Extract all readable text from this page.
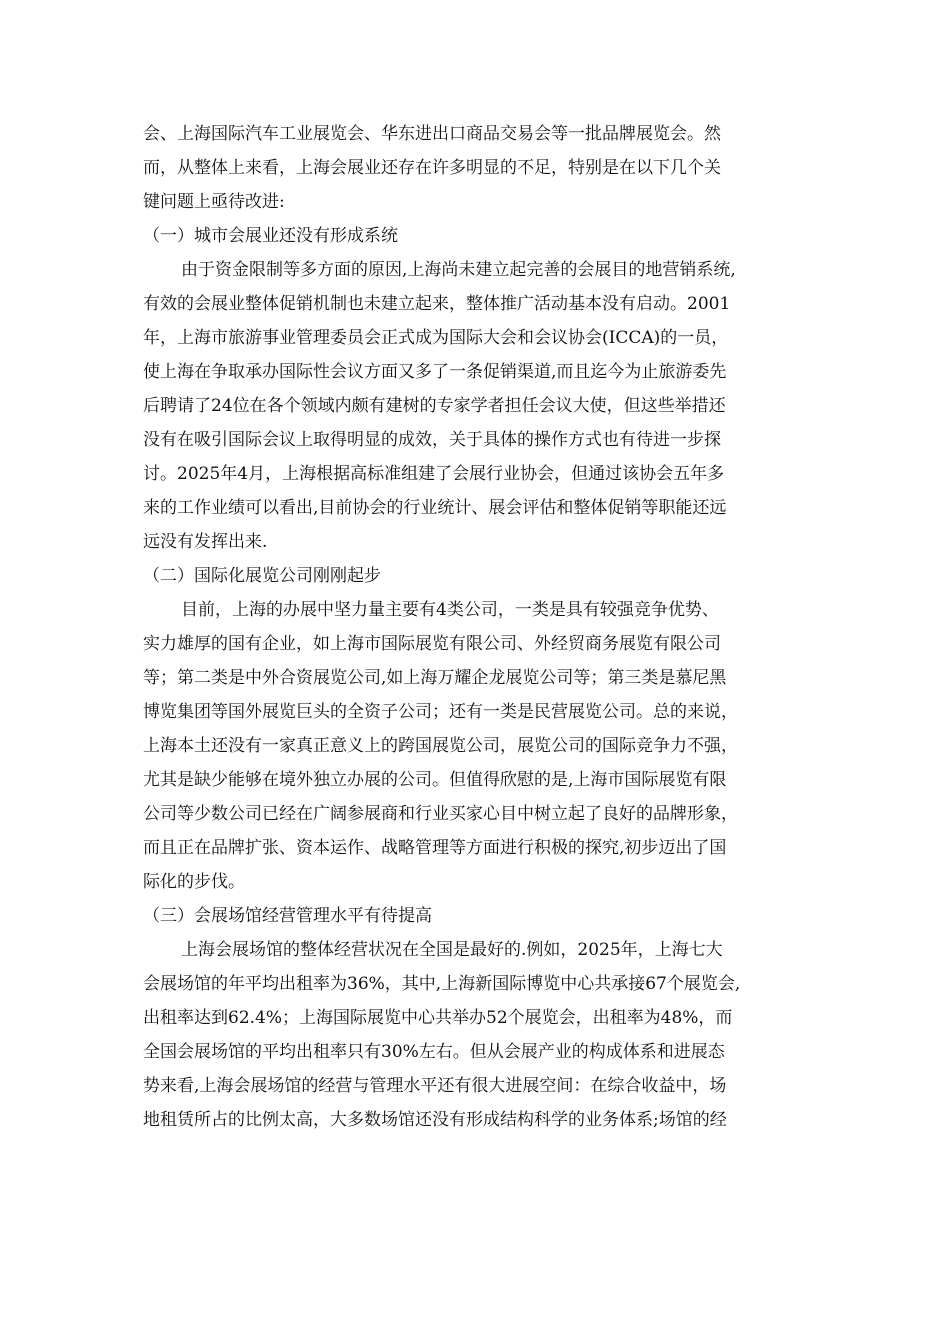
会、上海国际汽车工业展览会、华东进出口商品交易会等一批品牌展览会。然
而，从整体上来看，上海会展业还存在许多明显的不足，特别是在以下几个关
键问题上亟待改进:
（一）城市会展业还没有形成系统
由于资金限制等多方面的原因,上海尚未建立起完善的会展目的地营销系统,
有效的会展业整体促销机制也未建立起来，整体推广活动基本没有启动。2001
年，上海市旅游事业管理委员会正式成为国际大会和会议协会(ICCA)的一员，
使上海在争取承办国际性会议方面又多了一条促销渠道,而且迄今为止旅游委先
后聘请了24位在各个领域内颇有建树的专家学者担任会议大使，但这些举措还
没有在吸引国际会议上取得明显的成效，关于具体的操作方式也有待进一步探
讨。2025年4月，上海根据高标准组建了会展行业协会，但通过该协会五年多
来的工作业绩可以看出,目前协会的行业统计、展会评估和整体促销等职能还远
远没有发挥出来.
（二）国际化展览公司刚刚起步
目前，上海的办展中坚力量主要有4类公司，一类是具有较强竞争优势、
实力雄厚的国有企业，如上海市国际展览有限公司、外经贸商务展览有限公司
等；第二类是中外合资展览公司,如上海万耀企龙展览公司等；第三类是慕尼黑
博览集团等国外展览巨头的全资子公司；还有一类是民营展览公司。总的来说，
上海本土还没有一家真正意义上的跨国展览公司，展览公司的国际竞争力不强，
尤其是缺少能够在境外独立办展的公司。但值得欣慰的是,上海市国际展览有限
公司等少数公司已经在广阔参展商和行业买家心目中树立起了良好的品牌形象，
而且正在品牌扩张、资本运作、战略管理等方面进行积极的探究,初步迈出了国
际化的步伐。
（三）会展场馆经营管理水平有待提高
上海会展场馆的整体经营状况在全国是最好的.例如，2025年，上海七大
会展场馆的年平均出租率为36%，其中,上海新国际博览中心共承接67个展览会,
出租率达到62.4%；上海国际展览中心共举办52个展览会，出租率为48%，而
全国会展场馆的平均出租率只有30%左右。但从会展产业的构成体系和进展态
势来看,上海会展场馆的经营与管理水平还有很大进展空间：在综合收益中，场
地租赁所占的比例太高，大多数场馆还没有形成结构科学的业务体系;场馆的经
